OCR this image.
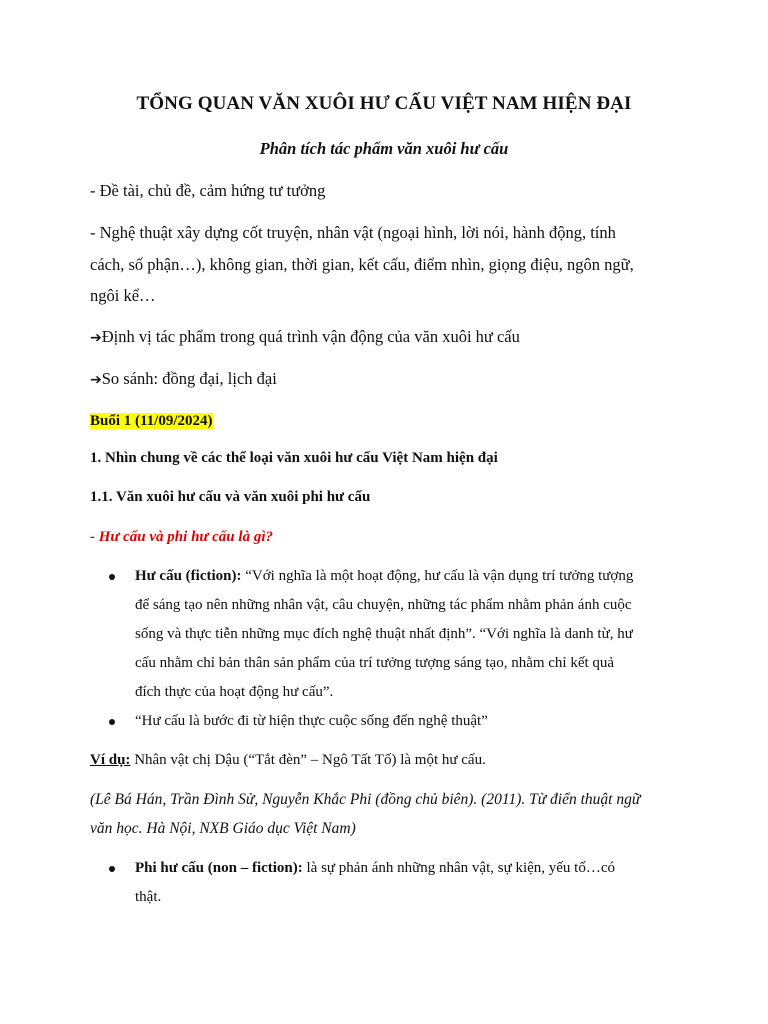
TỔNG QUAN VĂN XUÔI HƯ CẤU VIỆT NAM HIỆN ĐẠI
Phân tích tác phẩm văn xuôi hư cấu
- Đề tài, chủ đề, cảm hứng tư tưởng
- Nghệ thuật xây dựng cốt truyện, nhân vật (ngoại hình, lời nói, hành động, tính
cách, số phận…), không gian, thời gian, kết cấu, điểm nhìn, giọng điệu, ngôn ngữ,
ngôi kể…
➔Định vị tác phẩm trong quá trình vận động của văn xuôi hư cấu
➔So sánh: đồng đại, lịch đại
Buổi 1 (11/09/2024)
1. Nhìn chung về các thể loại văn xuôi hư cấu Việt Nam hiện đại
1.1. Văn xuôi hư cấu và văn xuôi phi hư cấu
- Hư cấu và phi hư cấu là gì?
Hư cấu (fiction): “Với nghĩa là một hoạt động, hư cấu là vận dụng trí tưởng tượng
để sáng tạo nên những nhân vật, câu chuyện, những tác phẩm nhằm phản ánh cuộc
sống và thực tiễn những mục đích nghệ thuật nhất định”. “Với nghĩa là danh từ, hư
cấu nhằm chỉ bản thân sản phẩm của trí tưởng tượng sáng tạo, nhằm chỉ kết quả
đích thực của hoạt động hư cấu”.
“Hư cấu là bước đi từ hiện thực cuộc sống đến nghệ thuật”
Ví dụ: Nhân vật chị Dậu (“Tắt đèn” – Ngô Tất Tố) là một hư cấu.
(Lê Bá Hán, Trần Đình Sử, Nguyễn Khắc Phi (đồng chủ biên). (2011). Từ điển thuật ngữ
văn học. Hà Nội, NXB Giáo dục Việt Nam)
Phi hư cấu (non – fiction): là sự phản ánh những nhân vật, sự kiện, yếu tố…có
thật.
